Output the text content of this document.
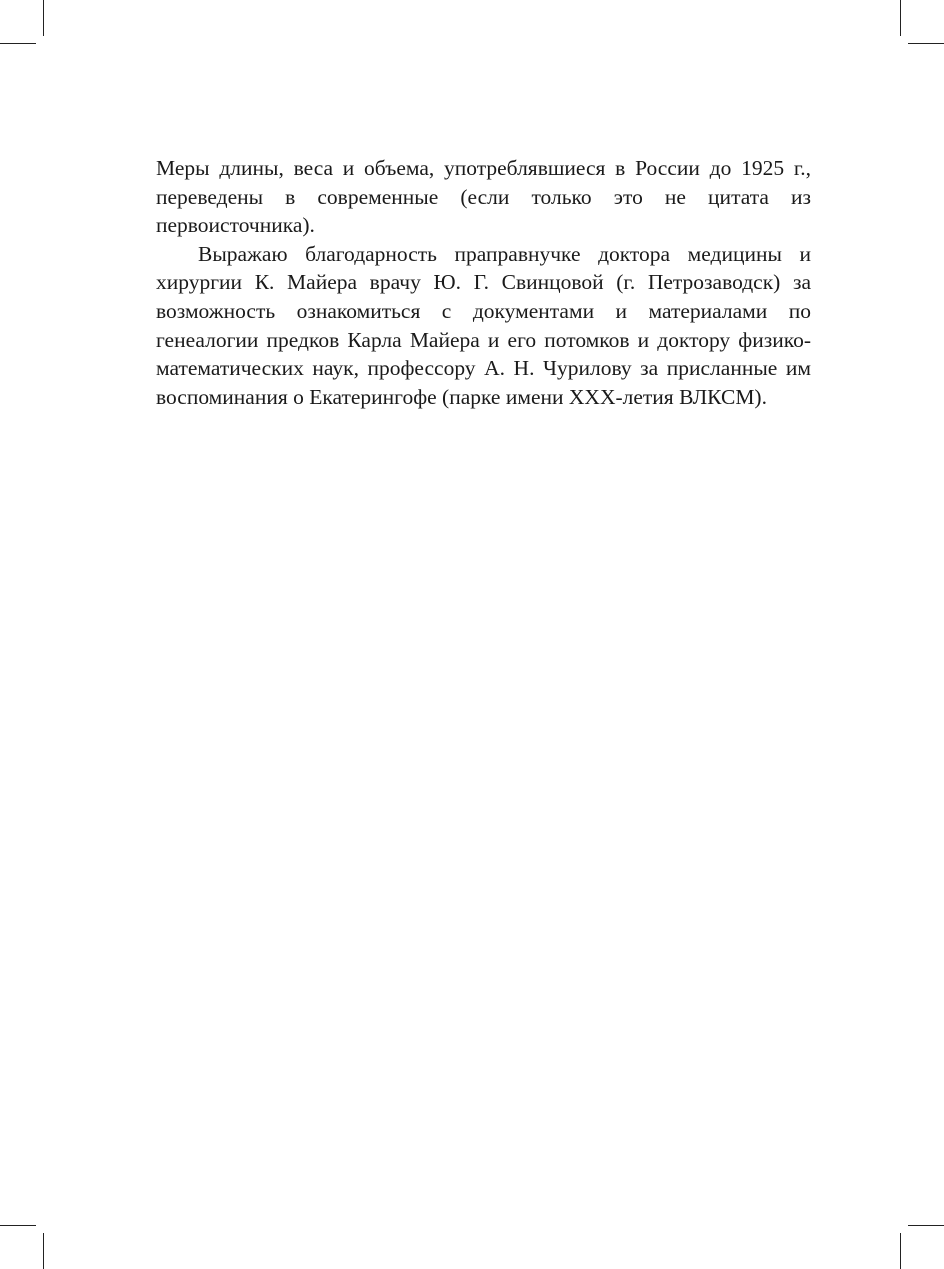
Меры длины, веса и объема, употреблявшиеся в России до 1925 г., переведены в современные (если только это не цитата из первоисточника).

Выражаю благодарность праправнучке доктора медицины и хирургии К. Майера врачу Ю. Г. Свинцовой (г. Петрозаводск) за возможность ознакомиться с документами и материалами по генеалогии предков Карла Майера и его потомков и доктору физико-математических наук, профессору А. Н. Чурилову за присланные им воспоминания о Екатерингофе (парке имени XXX-летия ВЛКСМ).
